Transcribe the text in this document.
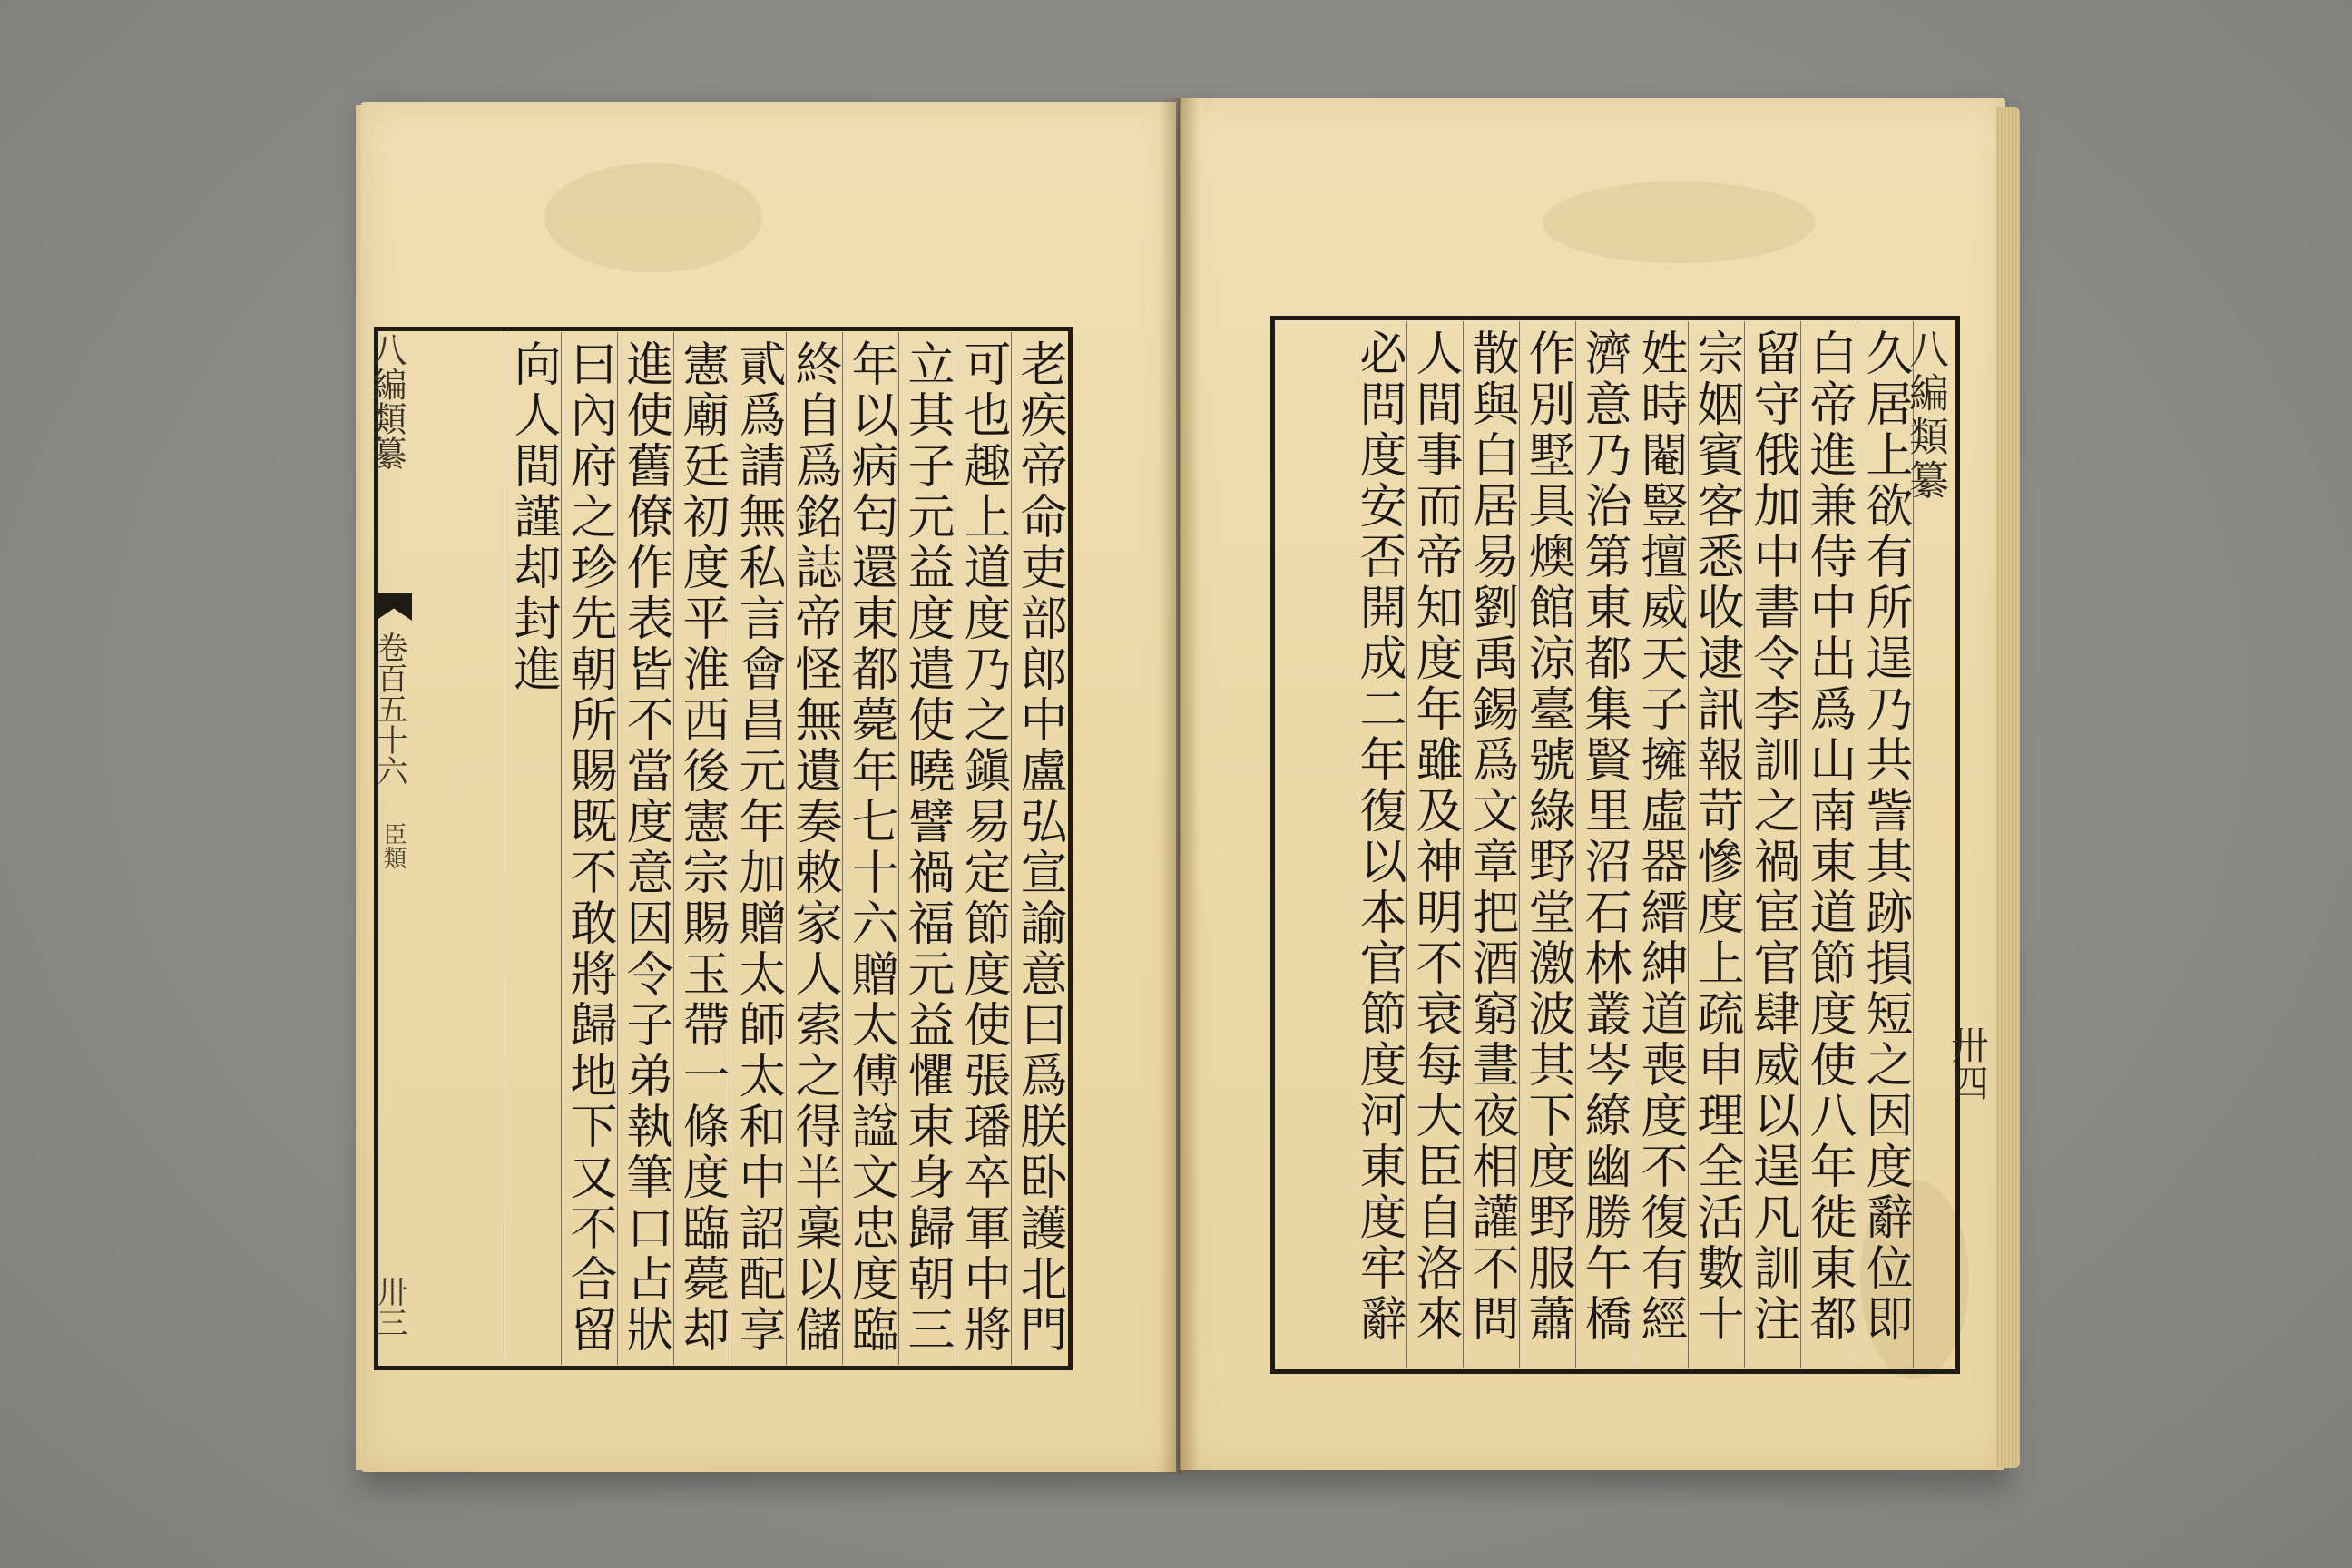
老疾帝命吏部郎中盧弘宣諭意曰爲朕卧護北門
可也趣上道度乃之鎭易定節度使張璠卒軍中將
立其子元益度遣使曉譬禍福元益懼束身歸朝三
年以病匄還東都薨年七十六贈太傅諡文忠度臨
終自爲銘誌帝怪無遺奏敕家人索之得半稾以儲
貳爲請無私言會昌元年加贈太師太和中詔配享
憲廟廷初度平淮西後憲宗賜玉帶一條度臨薨却
進使舊僚作表皆不當度意因令子弟執筆口占狀
曰內府之珍先朝所賜既不敢將歸地下又不合留
向人間謹却封進
八編類纂
卷百五十六
臣類
卅三
八編類纂
久居上欲有所逞乃共訾其跡損短之因度辭位即
白帝進兼侍中出爲山南東道節度使八年徙東都
留守俄加中書令李訓之禍宦官肆威以逞凡訓注
宗姻賓客悉收逮訊報苛慘度上疏申理全活數十
姓時閹豎擅威天子擁虛器縉紳道喪度不復有經
濟意乃治第東都集賢里沼石林叢岑繚幽勝午橋
作別墅具燠館涼臺號綠野堂激波其下度野服蕭
散與白居易劉禹錫爲文章把酒窮晝夜相讙不問
人間事而帝知度年雖及神明不衰每大臣自洛來
必問度安否開成二年復以本官節度河東度牢辭	卅四
